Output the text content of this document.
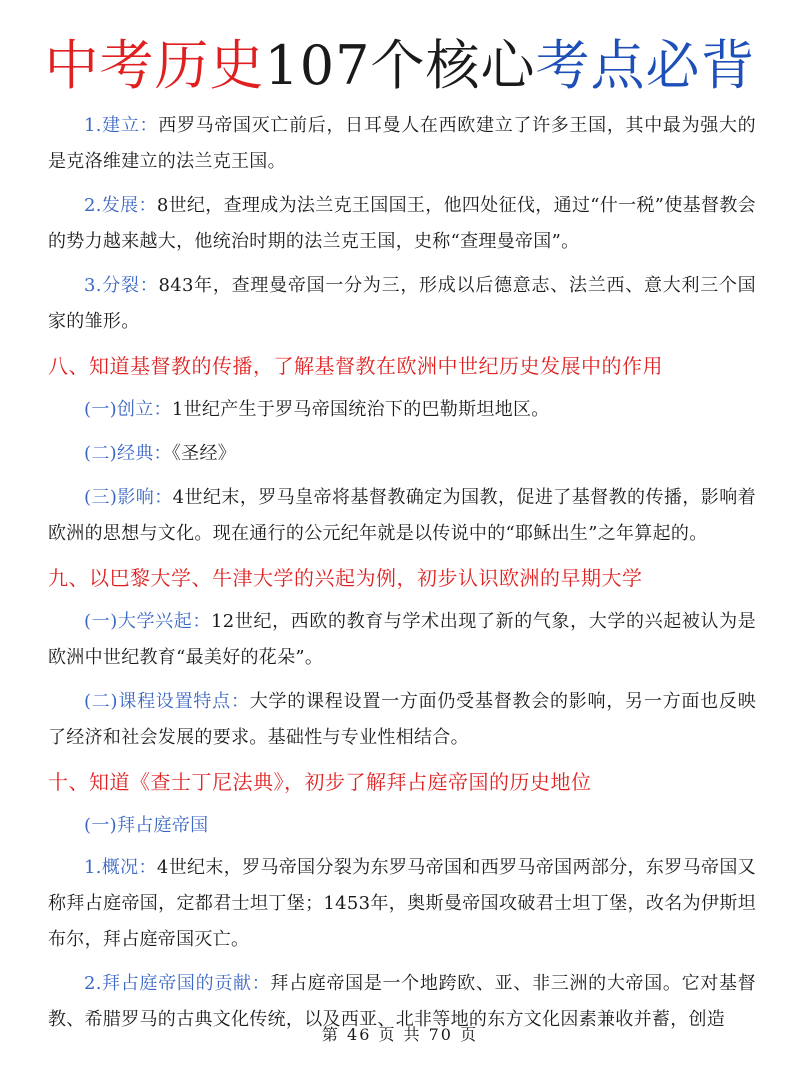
中考历史107个核心考点必背
1.建立：西罗马帝国灭亡前后，日耳曼人在西欧建立了许多王国，其中最为强大的是克洛维建立的法兰克王国。
2.发展：8世纪，查理成为法兰克王国国王，他四处征伐，通过“什一税”使基督教会的势力越来越大，他统治时期的法兰克王国，史称“查理曼帝国”。
3.分裂：843年，查理曼帝国一分为三，形成以后德意志、法兰西、意大利三个国家的雏形。
八、知道基督教的传播，了解基督教在欧洲中世纪历史发展中的作用
(一)创立：1世纪产生于罗马帝国统治下的巴勒斯坦地区。
(二)经典：《圣经》
(三)影响：4世纪末，罗马皇帝将基督教确定为国教，促进了基督教的传播，影响着欧洲的思想与文化。现在通行的公元纪年就是以传说中的“耶稣出生”之年算起的。
九、以巴黎大学、牛津大学的兴起为例，初步认识欧洲的早期大学
(一)大学兴起：12世纪，西欧的教育与学术出现了新的气象，大学的兴起被认为是欧洲中世纪教育“最美好的花朵”。
(二)课程设置特点：大学的课程设置一方面仍受基督教会的影响，另一方面也反映了经济和社会发展的要求。基础性与专业性相结合。
十、知道《查士丁尼法典》，初步了解拜占庭帝国的历史地位
(一)拜占庭帝国
1.概况：4世纪末，罗马帝国分裂为东罗马帝国和西罗马帝国两部分，东罗马帝国又称拜占庭帝国，定都君士坦丁堡；1453年，奥斯曼帝国攻破君士坦丁堡，改名为伊斯坦布尔，拜占庭帝国灭亡。
2.拜占庭帝国的贡献：拜占庭帝国是一个地跨欧、亚、非三洲的大帝国。它对基督教、希腊罗马的古典文化传统，以及西亚、北非等地的东方文化因素兼收并蓄，创造
第 46 页 共 70 页
